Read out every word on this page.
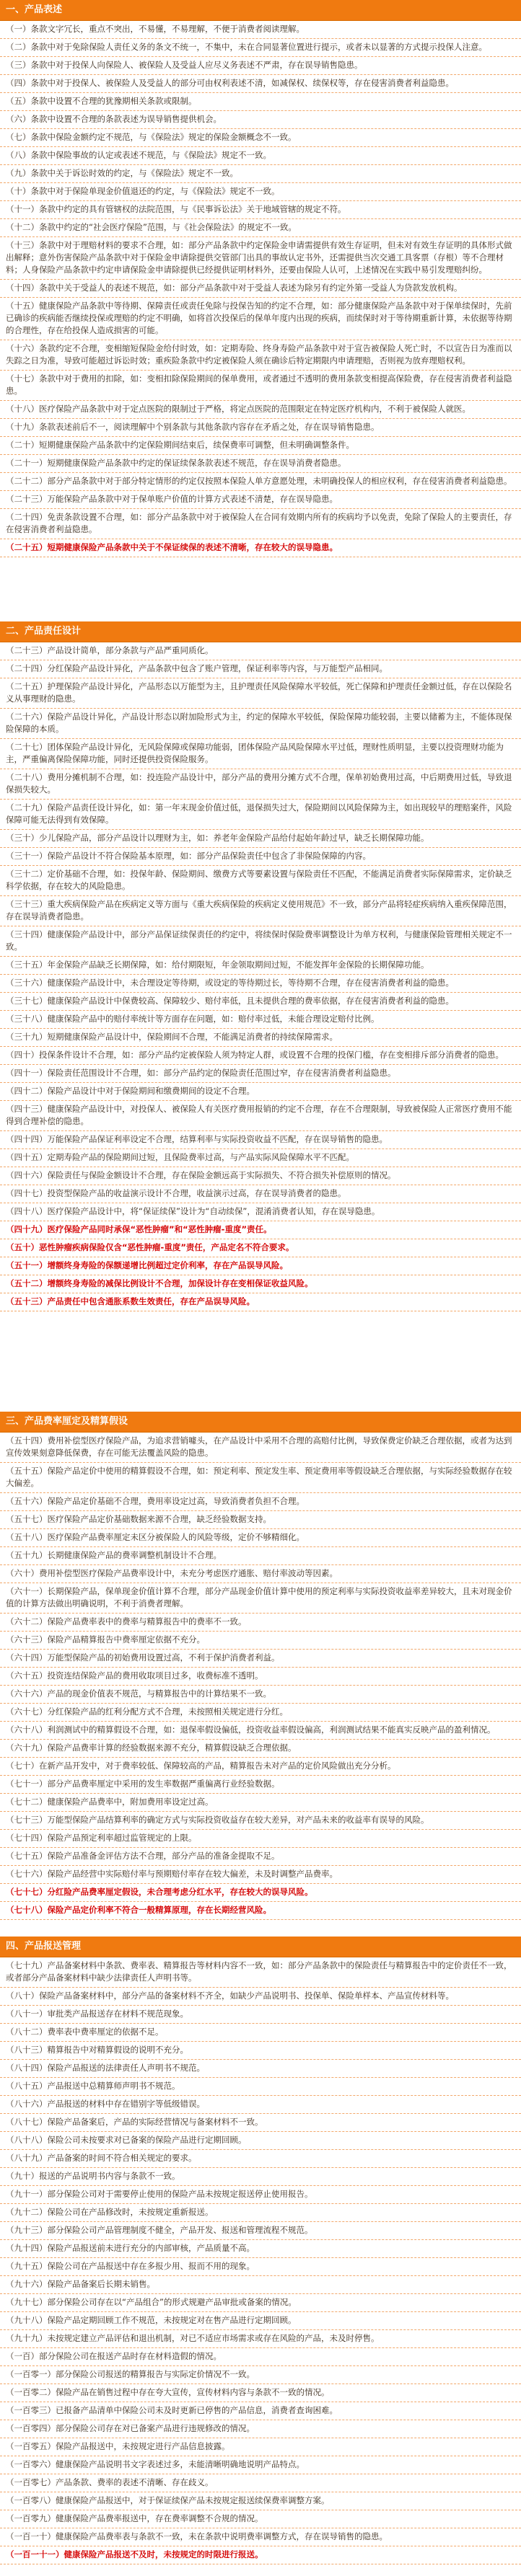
一、产品表述
（一）条款文字冗长，重点不突出，不易懂，不易理解，不便于消费者阅读理解。
（二）条款中对于免除保险人责任义务的条文不统一，不集中，未在合同显著位置进行提示，或者未以显著的方式提示投保人注意。
（三）条款中对于投保人向保险人、被保险人及受益人应尽义务表述不严肃，存在误导销售隐患。
（四）条款中对于投保人、被保险人及受益人的部分可由权利表述不清，如减保权、续保权等，存在侵害消费者利益隐患。
（五）条款中设置不合理的犹豫期相关条款或限制。
（六）条款中设置不合理的条款表述为误导销售提供机会。
（七）条款中保险金额约定不规范，与《保险法》规定的保险金额概念不一致。
（八）条款中保险事故的认定或表述不规范，与《保险法》规定不一致。
（九）条款中关于诉讼时效的约定，与《保险法》规定不一致。
（十）条款中对于保险单现金价值退还的约定，与《保险法》规定不一致。
（十一）条款中约定的具有管辖权的法院范围，与《民事诉讼法》关于地域管辖的规定不符。
（十二）条款中约定的“社会医疗保险”范围，与《社会保险法》的规定不一致。
（十三）条款中对于理赔材料的要求不合理，如：部分产品条款中约定保险金申请需提供有效生存证明，但未对有效生存证明的具体形式做出解释；意外伤害保险产品条款中对于保险金申请除提供交管部门出具的事故认定书外，还需提供当次交通工具客票（存根）等不合理材料；人身保险产品条款中约定申请保险金申请除提供已经提供证明材料外，还要由保险人认可，上述情况在实践中易引发理赔纠纷。
（十四）条款中关于受益人的表述不规范，如：部分产品条款中对于受益人表述为除另有约定外第一受益人为贷款发放机构。
（十五）健康保险产品条款中等待期、保障责任或责任免除与投保告知的约定不合理，如：部分健康保险产品条款中对于保单续保时，先前已确诊的疾病能否继续投保或理赔的约定不明确，如将首次投保后的保单年度内出现的疾病，而续保时对于等待期重新计算，未依据等待期的合理性，存在给投保人造成损害的可能。
（十六）条款约定不合理，变相缩短保险金给付时效，如：定期寿险、终身寿险产品条款中对于宣告被保险人死亡时，不以宣告日为准而以失踪之日为准，导致可能超过诉讼时效；重疾险条款中约定被保险人须在确诊后特定期限内申请理赔，否则视为放弃理赔权利。
（十七）条款中对于费用的扣除，如：变相扣除保险期间的保单费用，或者通过不透明的费用条款变相提高保险费，存在侵害消费者利益隐患。
（十八）医疗保险产品条款中对于定点医院的限制过于严格，将定点医院的范围限定在特定医疗机构内，不利于被保险人就医。
（十九）条款表述前后不一，阅读理解中个别条款与其他条款内容存在矛盾之处，存在误导销售隐患。
（二十）短期健康保险产品条款中约定保险期间结束后，续保费率可调整，但未明确调整条件。
（二十一）短期健康保险产品条款中约定的保证续保条款表述不规范，存在误导消费者隐患。
（二十二）部分产品条款中对于部分特定情形的约定仅按照本保险人单方意愿处理，未明确投保人的相应权利，存在侵害消费者利益隐患。
（二十三）万能保险产品条款中对于保单账户价值的计算方式表述不清楚，存在误导隐患。
（二十四）免责条款设置不合理，如：部分产品条款中对于被保险人在合同有效期内所有的疾病均予以免责，免除了保险人的主要责任，存在侵害消费者利益隐患。
（二十五）短期健康保险产品条款中关于不保证续保的表述不清晰，存在较大的误导隐患。
二、产品责任设计
（二十三）产品设计简单，部分条款与产品严重同质化。
（二十四）分红保险产品设计异化，产品条款中包含了账户管理，保证利率等内容，与万能型产品相同。
（二十五）护理保险产品设计异化，产品形态以万能型为主，且护理责任风险保障水平较低，死亡保障和护理责任金额过低，存在以保险名义从事理财的隐患。
（二十六）保险产品设计异化，产品设计形态以附加险形式为主，约定的保障水平较低，保险保障功能较弱，主要以储蓄为主，不能体现保险保障的本质。
（二十七）团体保险产品设计异化，无风险保障或保障功能弱，团体保险产品风险保障水平过低，理财性质明显，主要以投资理财功能为主，严重偏离保险保障功能，同时还提供投资保险服务。
（二十八）费用分摊机制不合理，如：投连险产品设计中，部分产品的费用分摊方式不合理，保单初始费用过高，中后期费用过低，导致退保损失较大。
（二十九）保险产品责任设计异化，如：第一年末现金价值过低，退保损失过大，保险期间以风险保障为主，如出现较早的理赔案件，风险保障可能无法得到有效保障。
（三十）少儿保险产品，部分产品设计以理财为主，如：养老年金保险产品给付起始年龄过早，缺乏长期保障功能。
（三十一）保险产品设计不符合保险基本原理，如：部分产品保险责任中包含了非保险保障的内容。
（三十二）定价基础不合理，如：投保年龄、保险期间、缴费方式等要素设置与保险责任不匹配，不能满足消费者实际保障需求，定价缺乏科学依据，存在较大的风险隐患。
（三十三）重大疾病保险产品在疾病定义等方面与《重大疾病保险的疾病定义使用规范》不一致，部分产品将轻症疾病纳入重疾保障范围，存在误导消费者隐患。
（三十四）健康保险产品设计中，部分产品保证续保责任的约定中，将续保时保险费率调整设计为单方权利，与健康保险管理相关规定不一致。
（三十五）年金保险产品缺乏长期保障，如：给付期限短，年金领取期间过短，不能发挥年金保险的长期保障功能。
（三十六）健康保险产品设计中，未合理设定等待期，或设定的等待期过长，等待期不合理，存在侵害消费者利益的隐患。
（三十七）健康保险产品设计中保费较高、保障较少、赔付率低，且未提供合理的费率依据，存在侵害消费者利益的隐患。
（三十八）健康保险产品中的赔付率统计等方面存在问题，如：赔付率过低，未能合理设定赔付比例。
（三十九）短期健康保险产品设计中，保险期间不合理，不能满足消费者的持续保障需求。
（四十）投保条件设计不合理，如：部分产品约定被保险人须为特定人群，或设置不合理的投保门槛，存在变相排斥部分消费者的隐患。
（四十一）保险责任范围设计不合理，如：部分产品约定的保险责任范围过窄，存在侵害消费者利益隐患。
（四十二）保险产品设计中对于保险期间和缴费期间的设定不合理。
（四十三）健康保险产品设计中，对投保人、被保险人有关医疗费用报销的约定不合理，存在不合理限制，导致被保险人正常医疗费用不能得到合理补偿的隐患。
（四十四）万能保险产品保证利率设定不合理，结算利率与实际投资收益不匹配，存在误导销售的隐患。
（四十五）定期寿险产品的保险期间过短，且保险费率过高，与产品实际风险保障水平不匹配。
（四十六）保险责任与保险金额设计不合理，存在保险金额远高于实际损失、不符合损失补偿原则的情况。
（四十七）投资型保险产品的收益演示设计不合理，收益演示过高，存在误导消费者的隐患。
（四十八）医疗保险产品设计中，将“保证续保”设计为“自动续保”，混淆消费者认知，存在误导隐患。
（四十九）医疗保险产品同时承保“恶性肿瘤”和“恶性肿瘤-重度”责任。
（五十）恶性肿瘤疾病保险仅含“恶性肿瘤-重度”责任，产品定名不符合要求。
（五十一）增额终身寿险的保额递增比例超过定价利率，存在产品误导风险。
（五十二）增额终身寿险的减保比例设计不合理，加保设计存在变相保证收益风险。
（五十三）产品责任中包含通胀系数生效责任，存在产品误导风险。
三、产品费率厘定及精算假设
（五十四）费用补偿型医疗保险产品，为追求营销噱头，在产品设计中采用不合理的高赔付比例，导致保费定价缺乏合理依据，或者为达到宣传效果刻意降低保费，存在可能无法覆盖风险的隐患。
（五十五）保险产品定价中使用的精算假设不合理，如：预定利率、预定发生率、预定费用率等假设缺乏合理依据，与实际经验数据存在较大偏差。
（五十六）保险产品定价基础不合理，费用率设定过高，导致消费者负担不合理。
（五十七）医疗保险产品定价基础数据来源不合理，缺乏经验数据支持。
（五十八）医疗保险产品费率厘定未区分被保险人的风险等级，定价不够精细化。
（五十九）长期健康保险产品的费率调整机制设计不合理。
（六十）费用补偿型医疗保险产品费率设计中，未充分考虑医疗通胀、赔付率波动等因素。
（六十一）长期保险产品，保单现金价值计算不合理，部分产品现金价值计算中使用的预定利率与实际投资收益率差异较大，且未对现金价值的计算方法做出明确说明，不利于消费者理解。
（六十二）保险产品费率表中的费率与精算报告中的费率不一致。
（六十三）保险产品精算报告中费率厘定依据不充分。
（六十四）万能型保险产品的初始费用设置过高，不利于保护消费者利益。
（六十五）投资连结保险产品的费用收取项目过多，收费标准不透明。
（六十六）产品的现金价值表不规范，与精算报告中的计算结果不一致。
（六十七）分红保险产品的红利分配方式不合理，未按照相关规定进行分红。
（六十八）利润测试中的精算假设不合理，如：退保率假设偏低，投资收益率假设偏高，利润测试结果不能真实反映产品的盈利情况。
（六十九）保险产品费率计算的经验数据来源不充分，精算假设缺乏合理依据。
（七十）在新产品开发中，对于费率较低、保障较高的产品，精算报告未对产品的定价风险做出充分分析。
（七十一）部分产品费率厘定中采用的发生率数据严重偏离行业经验数据。
（七十二）健康保险产品费率中，附加费用率设定过高。
（七十三）万能型保险产品结算利率的确定方式与实际投资收益存在较大差异，对产品未来的收益率有误导的风险。
（七十四）保险产品预定利率超过监管规定的上限。
（七十五）保险产品准备金评估方法不合理，部分产品的准备金提取不足。
（七十六）保险产品经营中实际赔付率与预期赔付率存在较大偏差，未及时调整产品费率。
（七十七）分红险产品费率厘定假设，未合理考虑分红水平，存在较大的误导风险。
（七十八）保险产品定价利率不符合一般精算原理，存在长期经营风险。
四、产品报送管理
（七十九）产品备案材料中条款、费率表、精算报告等材料内容不一致，如：部分产品条款中的保险责任与精算报告中的定价责任不一致，或者部分产品备案材料中缺少法律责任人声明书等。
（八十）保险产品备案材料中，部分产品的备案材料不齐全，如缺少产品说明书、投保单、保险单样本、产品宣传材料等。
（八十一）审批类产品报送存在材料不规范现象。
（八十二）费率表中费率厘定的依据不足。
（八十三）精算报告中对精算假设的说明不充分。
（八十四）保险产品报送的法律责任人声明书不规范。
（八十五）产品报送中总精算师声明书不规范。
（八十六）产品报送的材料中存在错别字等低级错误。
（八十七）保险产品备案后，产品的实际经营情况与备案材料不一致。
（八十八）保险公司未按要求对已备案的保险产品进行定期回顾。
（八十九）产品备案的时间不符合相关规定的要求。
（九十）报送的产品说明书内容与条款不一致。
（九十一）部分保险公司对于需要停止使用的保险产品未按规定报送停止使用报告。
（九十二）保险公司在产品修改时，未按规定重新报送。
（九十三）部分保险公司产品管理制度不健全，产品开发、报送和管理流程不规范。
（九十四）保险产品报送前未进行充分的内部审核，产品质量不高。
（九十五）保险公司在产品报送中存在多报少用、报而不用的现象。
（九十六）保险产品备案后长期未销售。
（九十七）部分保险公司存在以“产品组合”的形式规避产品审批或备案的情况。
（九十八）保险产品定期回顾工作不规范，未按规定对在售产品进行定期回顾。
（九十九）未按规定建立产品评估和退出机制，对已不适应市场需求或存在风险的产品，未及时停售。
（一百）部分保险公司在报送产品时存在材料造假的情况。
（一百零一）部分保险公司报送的精算报告与实际定价情况不一致。
（一百零二）保险产品在销售过程中存在夸大宣传，宣传材料内容与条款不一致的情况。
（一百零三）已报备产品清单中保险公司未及时更新已停售的产品信息，消费者查询困难。
（一百零四）部分保险公司存在对已备案产品进行违规修改的情况。
（一百零五）保险产品报送中，未按规定进行产品信息披露。
（一百零六）健康保险产品说明书文字表述过多，未能清晰明确地说明产品特点。
（一百零七）产品条款、费率的表述不清晰、存在歧义。
（一百零八）健康保险产品报送中，对于保证续保产品未按规定报送续保费率调整方案。
（一百零九）健康保险产品费率报送中，存在费率调整不合规的情况。
（一百一十）健康保险产品费率表与条款不一致，未在条款中说明费率调整方式，存在误导销售的隐患。
（一百一十一）健康保险产品报送不及时，未按规定的时限进行报送。
